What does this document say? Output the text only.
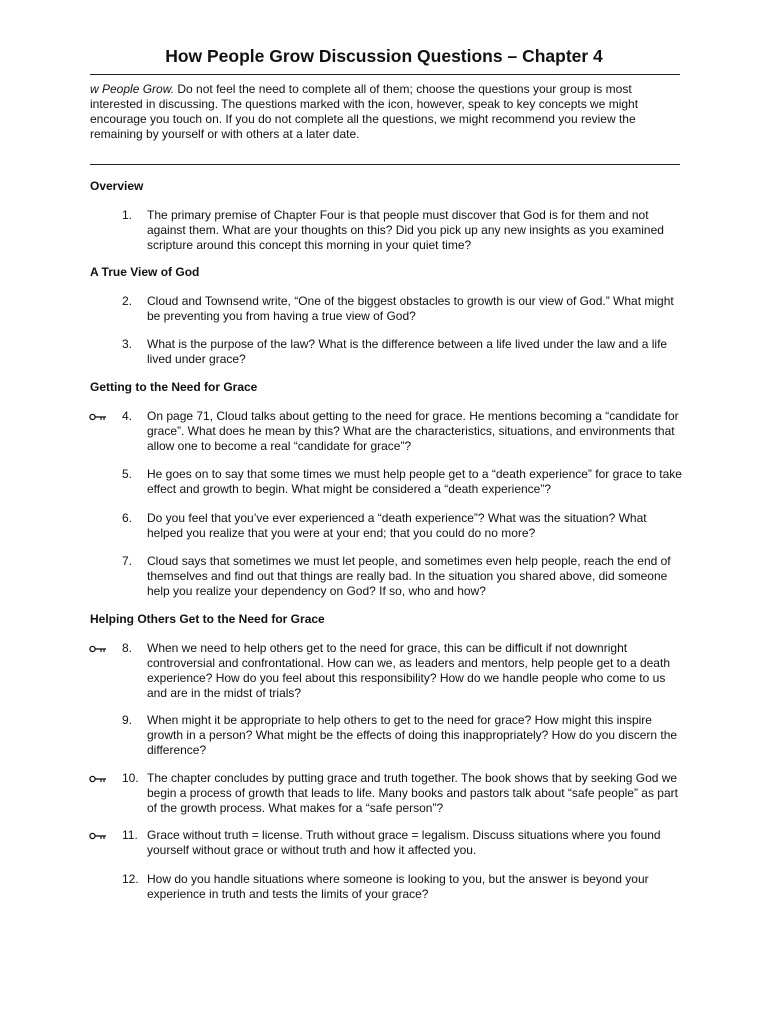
How People Grow Discussion Questions – Chapter 4
w People Grow. Do not feel the need to complete all of them; choose the questions your group is most interested in discussing. The questions marked with the icon, however, speak to key concepts we might encourage you touch on. If you do not complete all the questions, we might recommend you review the remaining by yourself or with others at a later date.
Overview
A True View of God
Getting to the Need for Grace
Helping Others Get to the Need for Grace
1.	The primary premise of Chapter Four is that people must discover that God is for them and not against them. What are your thoughts on this? Did you pick up any new insights as you examined scripture around this concept this morning in your quiet time?
2.	Cloud and Townsend write, “One of the biggest obstacles to growth is our view of God.” What might be preventing you from having a true view of God?
3.	What is the purpose of the law? What is the difference between a life lived under the law and a life lived under grace?
4.	On page 71, Cloud talks about getting to the need for grace. He mentions becoming a “candidate for grace”. What does he mean by this? What are the characteristics, situations, and environments that allow one to become a real “candidate for grace”?
5.	He goes on to say that some times we must help people get to a “death experience” for grace to take effect and growth to begin. What might be considered a “death experience”?
6.	Do you feel that you’ve ever experienced a “death experience”? What was the situation? What helped you realize that you were at your end; that you could do no more?
7.	Cloud says that sometimes we must let people, and sometimes even help people, reach the end of themselves and find out that things are really bad. In the situation you shared above, did someone help you realize your dependency on God? If so, who and how?
8.	When we need to help others get to the need for grace, this can be difficult if not downright controversial and confrontational. How can we, as leaders and mentors, help people get to a death experience? How do you feel about this responsibility? How do we handle people who come to us and are in the midst of trials?
9.	When might it be appropriate to help others to get to the need for grace? How might this inspire growth in a person? What might be the effects of doing this inappropriately? How do you discern the difference?
10. The chapter concludes by putting grace and truth together. The book shows that by seeking God we begin a process of growth that leads to life. Many books and pastors talk about “safe people” as part of the growth process. What makes for a “safe person”?
11. Grace without truth = license. Truth without grace = legalism. Discuss situations where you found yourself without grace or without truth and how it affected you.
12. How do you handle situations where someone is looking to you, but the answer is beyond your experience in truth and tests the limits of your grace?
